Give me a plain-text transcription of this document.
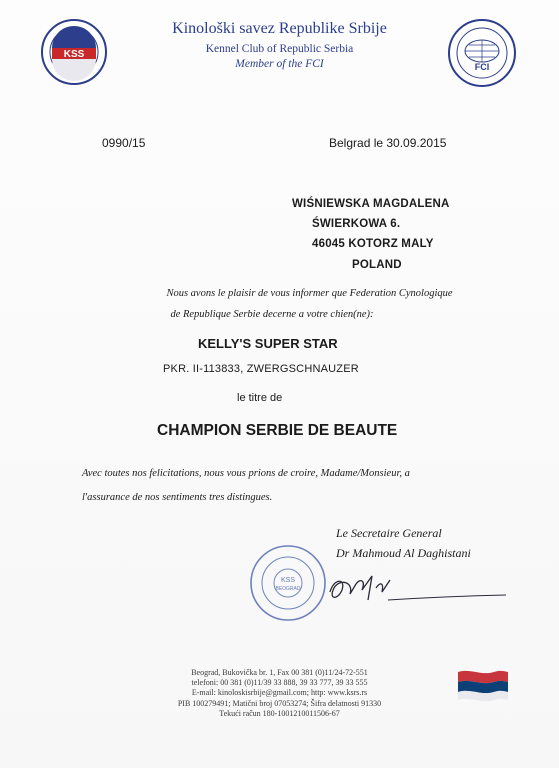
KSS
FCI
Kinološki savez Republike Srbije
Kennel Club of Republic Serbia
Member of the FCI
0990/15	Belgrad le 30.09.2015
WIŚNIEWSKA MAGDALENA
ŚWIERKOWA 6.
46045 KOTORZ MALY
POLAND
Nous avons le plaisir de vous informer que Federation Cynologique
de Republique Serbie decerne a votre chien(ne):
KELLY'S SUPER STAR
PKR. II-113833, ZWERGSCHNAUZER
le titre de
CHAMPION SERBIE DE BEAUTE
Avec toutes nos felicitations, nous vous prions de croire, Madame/Monsieur, a
l'assurance de nos sentiments tres distingues.
Le Secretaire General
Dr Mahmoud Al Daghistani
KSS
BEOGRAD
Beograd, Bukovička br. 1, Fax 00 381 (0)11/24-72-551
telefoni: 00 381 (0)11/39 33 888, 39 33 777, 39 33 555
E-mail: kinoloskisrbije@gmail.com; http: www.ksrs.rs
PIB 100279491; Matični broj 07053274; Šifra delatnosti 91330
Tekući račun 180-1001210011506-67
